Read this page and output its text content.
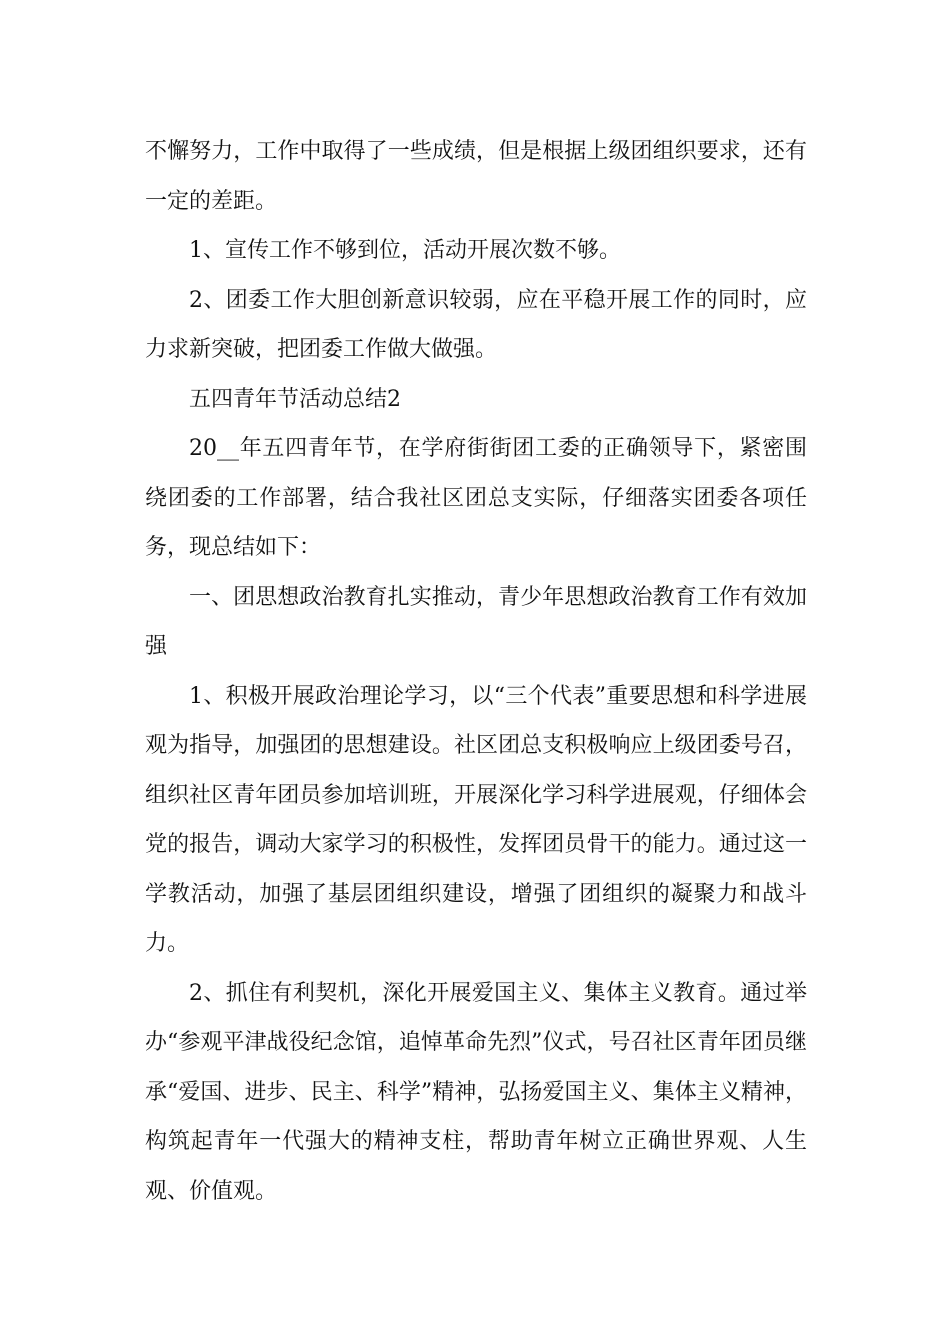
不懈努力，工作中取得了一些成绩，但是根据上级团组织要求，还有一定的差距。

1、宣传工作不够到位，活动开展次数不够。

2、团委工作大胆创新意识较弱，应在平稳开展工作的同时，应力求新突破，把团委工作做大做强。

五四青年节活动总结2

20__年五四青年节，在学府街街团工委的正确领导下，紧密围绕团委的工作部署，结合我社区团总支实际，仔细落实团委各项任务，现总结如下：

一、团思想政治教育扎实推动，青少年思想政治教育工作有效加强

1、积极开展政治理论学习，以“三个代表”重要思想和科学进展观为指导，加强团的思想建设。社区团总支积极响应上级团委号召，组织社区青年团员参加培训班，开展深化学习科学进展观，仔细体会党的报告，调动大家学习的积极性，发挥团员骨干的能力。通过这一学教活动，加强了基层团组织建设，增强了团组织的凝聚力和战斗力。

2、抓住有利契机，深化开展爱国主义、集体主义教育。通过举办“参观平津战役纪念馆，追悼革命先烈”仪式，号召社区青年团员继承“爱国、进步、民主、科学”精神，弘扬爱国主义、集体主义精神，构筑起青年一代强大的精神支柱，帮助青年树立正确世界观、人生观、价值观。
